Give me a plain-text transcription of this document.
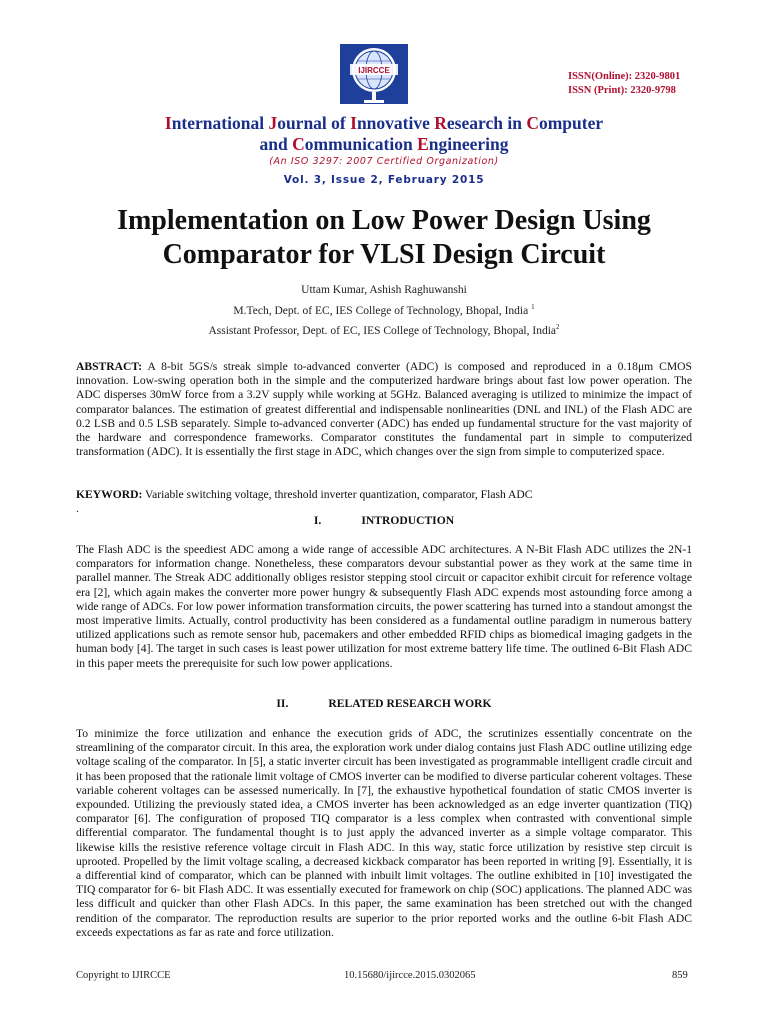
IJIRCCE
ISSN(Online): 2320-9801
ISSN (Print): 2320-9798
International Journal of Innovative Research in Computer
and Communication Engineering
(An ISO 3297: 2007 Certified Organization)
Vol. 3, Issue 2, February 2015
Implementation on Low Power Design Using
Comparator for VLSI Design Circuit
Uttam Kumar, Ashish Raghuwanshi
M.Tech, Dept. of EC, IES College of Technology, Bhopal, India $^1$
Assistant Professor, Dept. of EC, IES College of Technology, Bhopal, India$^2$

ABSTRACT: A 8-bit 5GS/s streak simple to-advanced converter (ADC) is composed and reproduced in a 0.18μm CMOS innovation. Low-swing operation both in the simple and the computerized hardware brings about fast low power operation. The ADC disperses 30mW force from a 3.2V supply while working at 5GHz. Balanced averaging is utilized to minimize the impact of comparator balances. The estimation of greatest differential and indispensable nonlinearities (DNL and INL) of the Flash ADC are 0.2 LSB and 0.5 LSB separately. Simple to-advanced converter (ADC) has ended up fundamental structure for the vast majority of the hardware and correspondence frameworks. Comparator constitutes the fundamental part in simple to computerized transformation (ADC). It is essentially the first stage in ADC, which changes over the sign from simple to computerized space.

KEYWORD: Variable switching voltage, threshold inverter quantization, comparator, Flash ADC

.

I.	INTRODUCTION

The Flash ADC is the speediest ADC among a wide range of accessible ADC architectures. A N-Bit Flash ADC utilizes the 2N-1 comparators for information change. Nonetheless, these comparators devour substantial power as they work at the same time in parallel manner. The Streak ADC additionally obliges resistor stepping stool circuit or capacitor exhibit circuit for reference voltage era [2], which again makes the converter more power hungry & subsequently Flash ADC expends most astounding force among a wide range of ADCs. For low power information transformation circuits, the power scattering has turned into a standout amongst the most imperative limits. Actually, control productivity has been considered as a fundamental outline paradigm in numerous battery utilized applications such as remote sensor hub, pacemakers and other embedded RFID chips as biomedical imaging gadgets in the human body [4]. The target in such cases is least power utilization for most extreme battery life time. The outlined 6-Bit Flash ADC in this paper meets the prerequisite for such low power applications.

II.	RELATED RESEARCH WORK

To minimize the force utilization and enhance the execution grids of ADC, the scrutinizes essentially concentrate on the streamlining of the comparator circuit. In this area, the exploration work under dialog contains just Flash ADC outline utilizing edge voltage scaling of the comparator. In [5], a static inverter circuit has been investigated as programmable intelligent cradle circuit and it has been proposed that the rationale limit voltage of CMOS inverter can be modified to diverse particular coherent voltages. These variable coherent voltages can be assessed numerically. In [7], the exhaustive hypothetical foundation of static CMOS inverter is expounded. Utilizing the previously stated idea, a CMOS inverter has been acknowledged as an edge inverter quantization (TIQ) comparator [6]. The configuration of proposed TIQ comparator is a less complex when contrasted with conventional simple differential comparator. The fundamental thought is to just apply the advanced inverter as a simple voltage comparator. This likewise kills the resistive reference voltage circuit in Flash ADC. In this way, static force utilization by resistive step circuit is uprooted. Propelled by the limit voltage scaling, a decreased kickback comparator has been reported in writing [9]. Essentially, it is a differential kind of comparator, which can be planned with inbuilt limit voltages. The outline exhibited in [10] investigated the TIQ comparator for 6- bit Flash ADC. It was essentially executed for framework on chip (SOC) applications. The planned ADC was less difficult and quicker than other Flash ADCs. In this paper, the same examination has been stretched out with the changed rendition of the comparator. The reproduction results are superior to the prior reported works and the outline 6-bit Flash ADC exceeds expectations as far as rate and force utilization.

Copyright to IJIRCCE	10.15680/ijircce.2015.0302065	859
